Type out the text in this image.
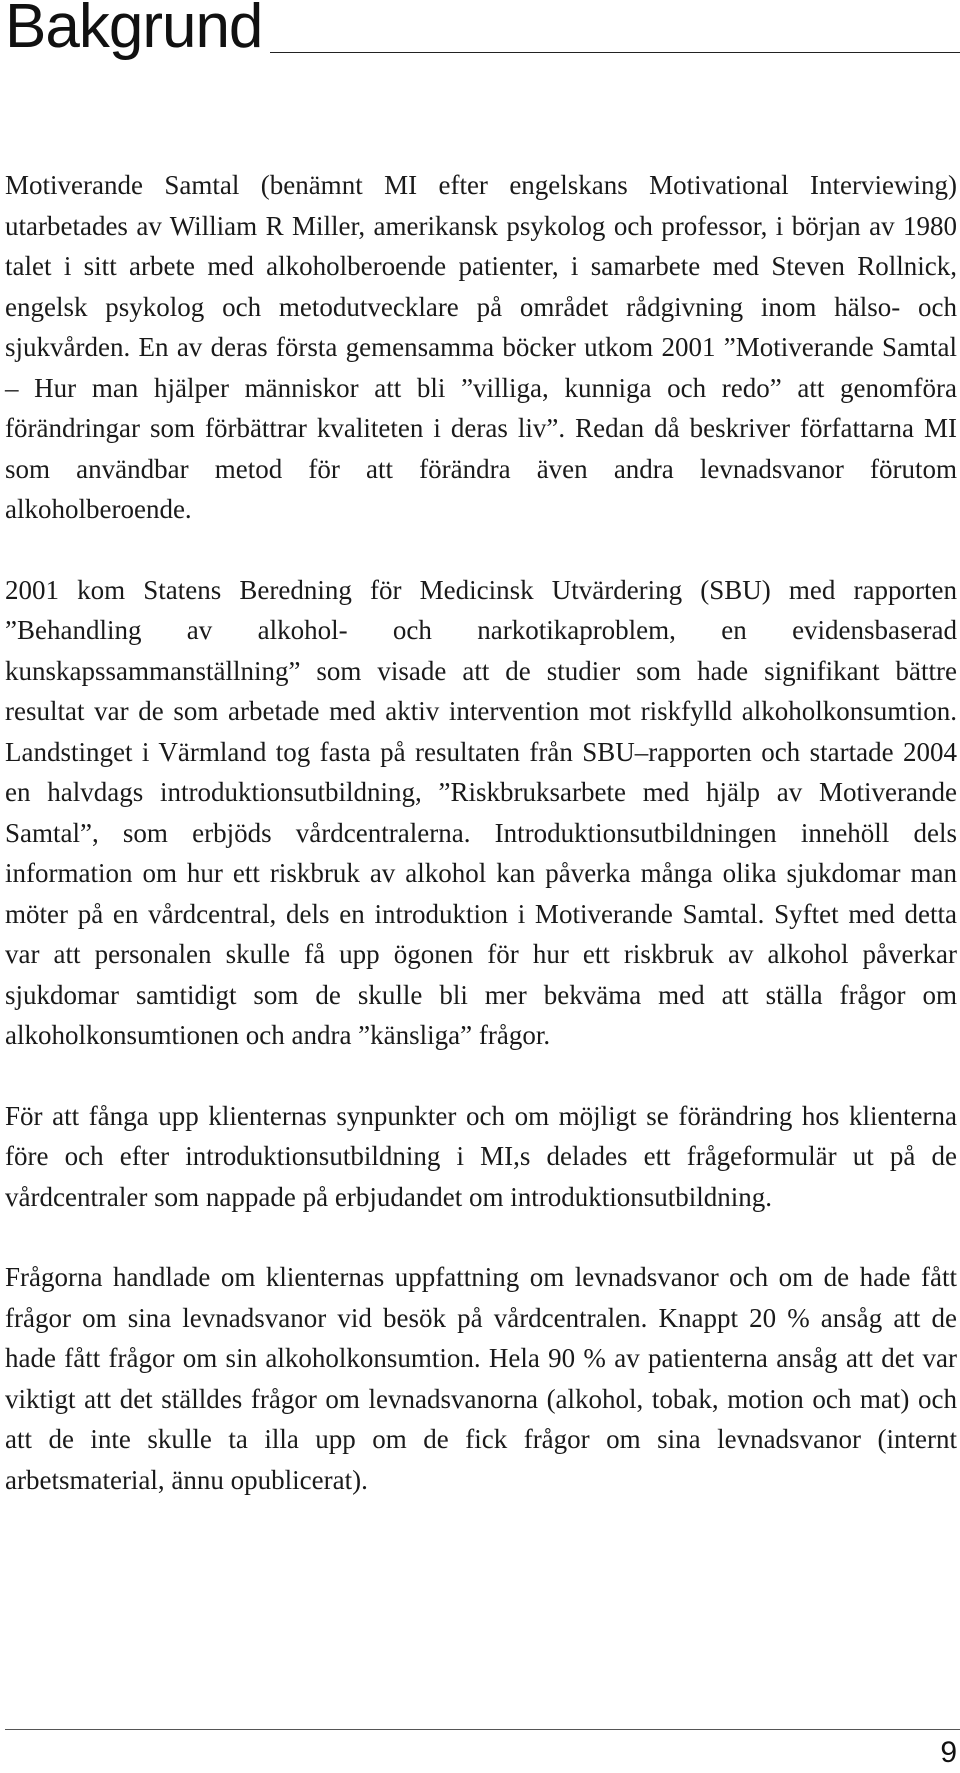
Bakgrund

Motiverande Samtal (benämnt MI efter engelskans Motivational Interviewing) utarbetades av William R Miller, amerikansk psykolog och professor, i början av 1980 talet i sitt arbete med alkoholberoende patienter, i samarbete med Steven Rollnick, engelsk psykolog och metodutvecklare på området rådgivning inom hälso- och sjukvården. En av deras första gemensamma böcker utkom 2001 ”Motiverande Samtal – Hur man hjälper människor att bli ”villiga, kunniga och redo” att genomföra förändringar som förbättrar kvaliteten i deras liv”. Redan då beskriver författarna MI som användbar metod för att förändra även andra levnadsvanor förutom alkoholberoende.

2001 kom Statens Beredning för Medicinsk Utvärdering (SBU) med rapporten ”Behandling av alkohol- och narkotikaproblem, en evidensbaserad kunskapssammanställning” som visade att de studier som hade signifikant bättre resultat var de som arbetade med aktiv intervention mot riskfylld alkoholkonsumtion. Landstinget i Värmland tog fasta på resultaten från SBU–rapporten och startade 2004 en halvdags introduktionsutbildning, ”Riskbruksarbete med hjälp av Motiverande Samtal”, som erbjöds vårdcentralerna. Introduktionsutbildningen innehöll dels information om hur ett riskbruk av alkohol kan påverka många olika sjukdomar man möter på en vårdcentral, dels en introduktion i Motiverande Samtal. Syftet med detta var att personalen skulle få upp ögonen för hur ett riskbruk av alkohol påverkar sjukdomar samtidigt som de skulle bli mer bekväma med att ställa frågor om alkoholkonsumtionen och andra ”känsliga” frågor.

För att fånga upp klienternas synpunkter och om möjligt se förändring hos klienterna före och efter introduktionsutbildning i MI,s delades ett frågeformulär ut på de vårdcentraler som nappade på erbjudandet om introduktionsutbildning.

Frågorna handlade om klienternas uppfattning om levnadsvanor och om de hade fått frågor om sina levnadsvanor vid besök på vårdcentralen. Knappt 20 % ansåg att de hade fått frågor om sin alkoholkonsumtion. Hela 90 % av patienterna ansåg att det var viktigt att det ställdes frågor om levnadsvanorna (alkohol, tobak, motion och mat) och att de inte skulle ta illa upp om de fick frågor om sina levnadsvanor (internt arbetsmaterial, ännu opublicerat).

9
